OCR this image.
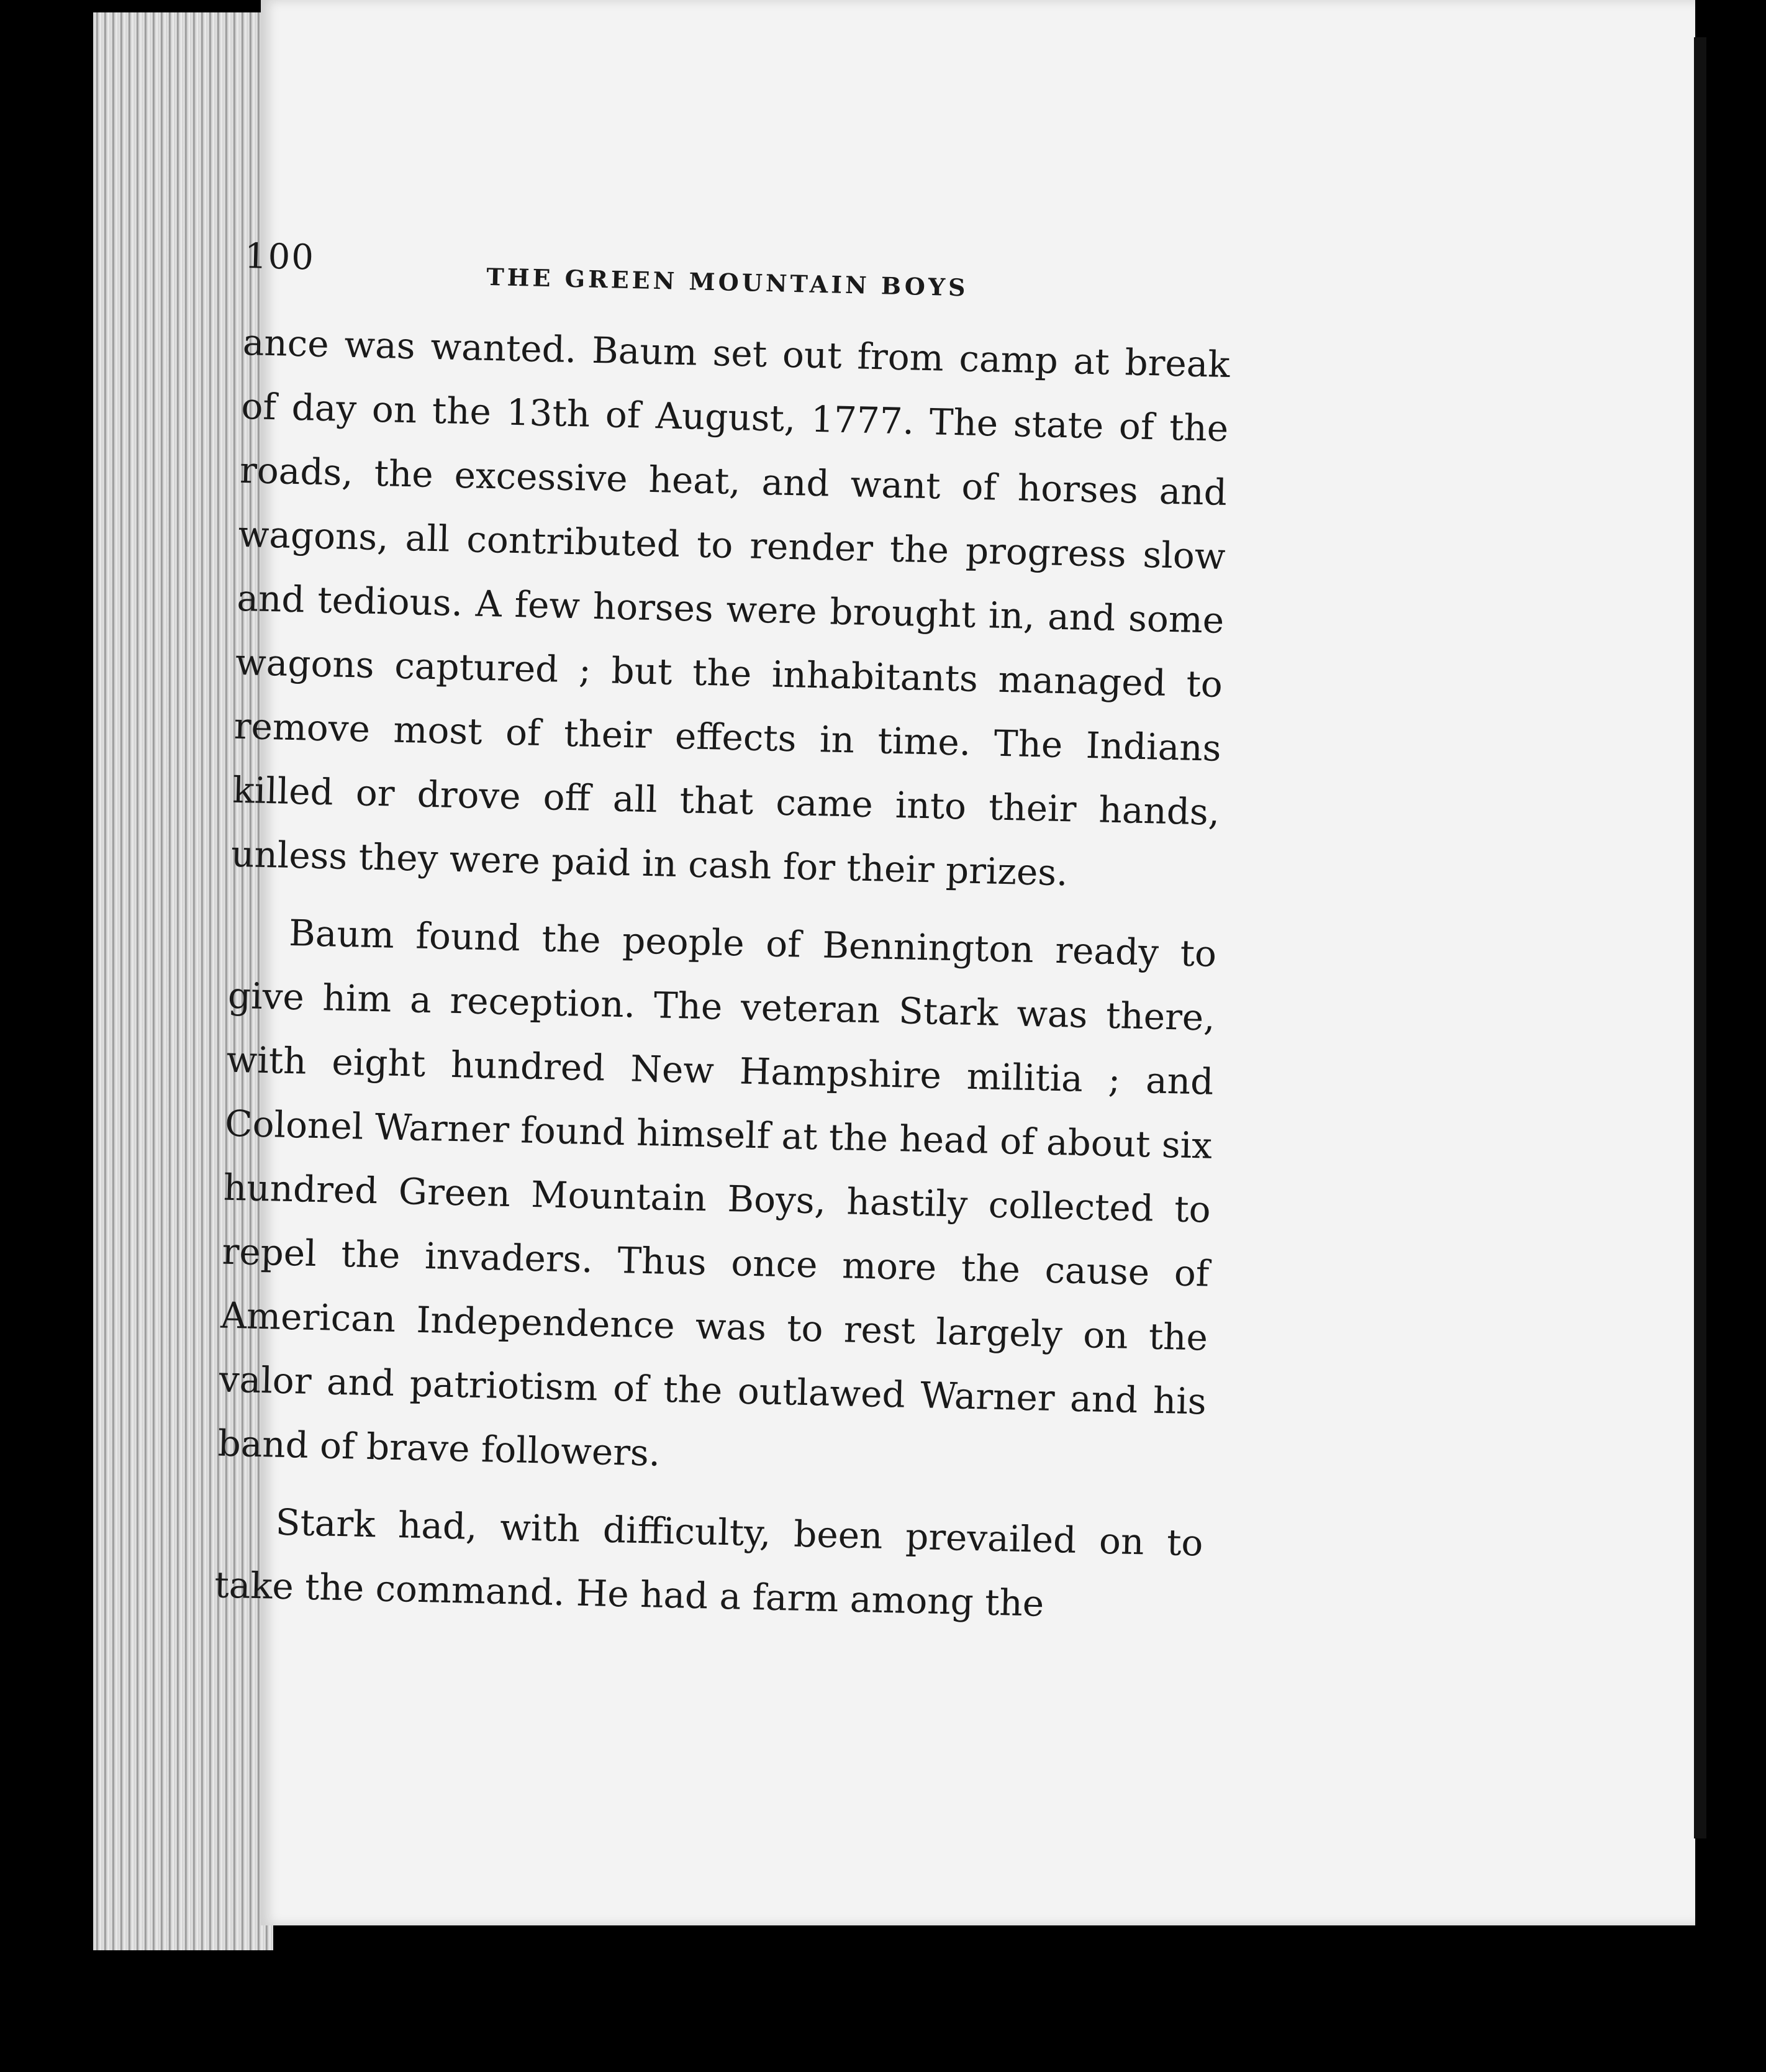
100
THE GREEN MOUNTAIN BOYS

ance was wanted. Baum set out from camp at break of day on the 13th of August, 1777. The state of the roads, the excessive heat, and want of horses and wagons, all contributed to render the progress slow and tedious. A few horses were brought in, and some wagons captured ; but the inhabitants managed to remove most of their effects in time. The Indians killed or drove off all that came into their hands, unless they were paid in cash for their prizes.

Baum found the people of Bennington ready to give him a reception. The veteran Stark was there, with eight hundred New Hampshire militia ; and Colonel Warner found himself at the head of about six hundred Green Mountain Boys, hastily collected to repel the invaders. Thus once more the cause of American Independence was to rest largely on the valor and patriotism of the outlawed Warner and his band of brave followers.

Stark had, with difficulty, been prevailed on to take the command. He had a farm among the
